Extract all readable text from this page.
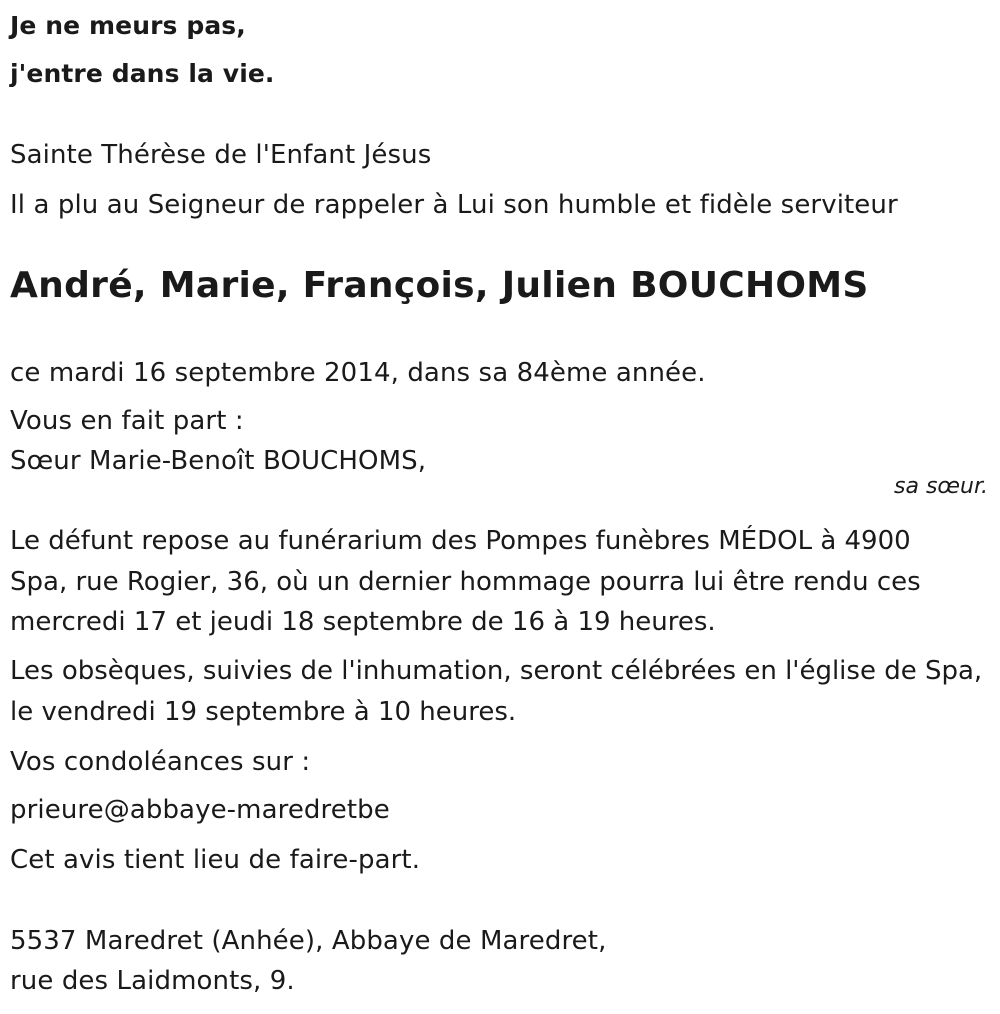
Je ne meurs pas,
j'entre dans la vie.
Sainte Thérèse de l'Enfant Jésus
Il a plu au Seigneur de rappeler à Lui son humble et fidèle serviteur
André, Marie, François, Julien BOUCHOMS
ce mardi 16 septembre 2014, dans sa 84ème année.
Vous en fait part :
Sœur Marie-Benoît BOUCHOMS,
sa sœur.
Le défunt repose au funérarium des Pompes funèbres MÉDOL à 4900
Spa, rue Rogier, 36, où un dernier hommage pourra lui être rendu ces
mercredi 17 et jeudi 18 septembre de 16 à 19 heures.
Les obsèques, suivies de l'inhumation, seront célébrées en l'église de Spa,
le vendredi 19 septembre à 10 heures.
Vos condoléances sur :
prieure@abbaye-maredretbe
Cet avis tient lieu de faire-part.
5537 Maredret (Anhée), Abbaye de Maredret,
rue des Laidmonts, 9.
